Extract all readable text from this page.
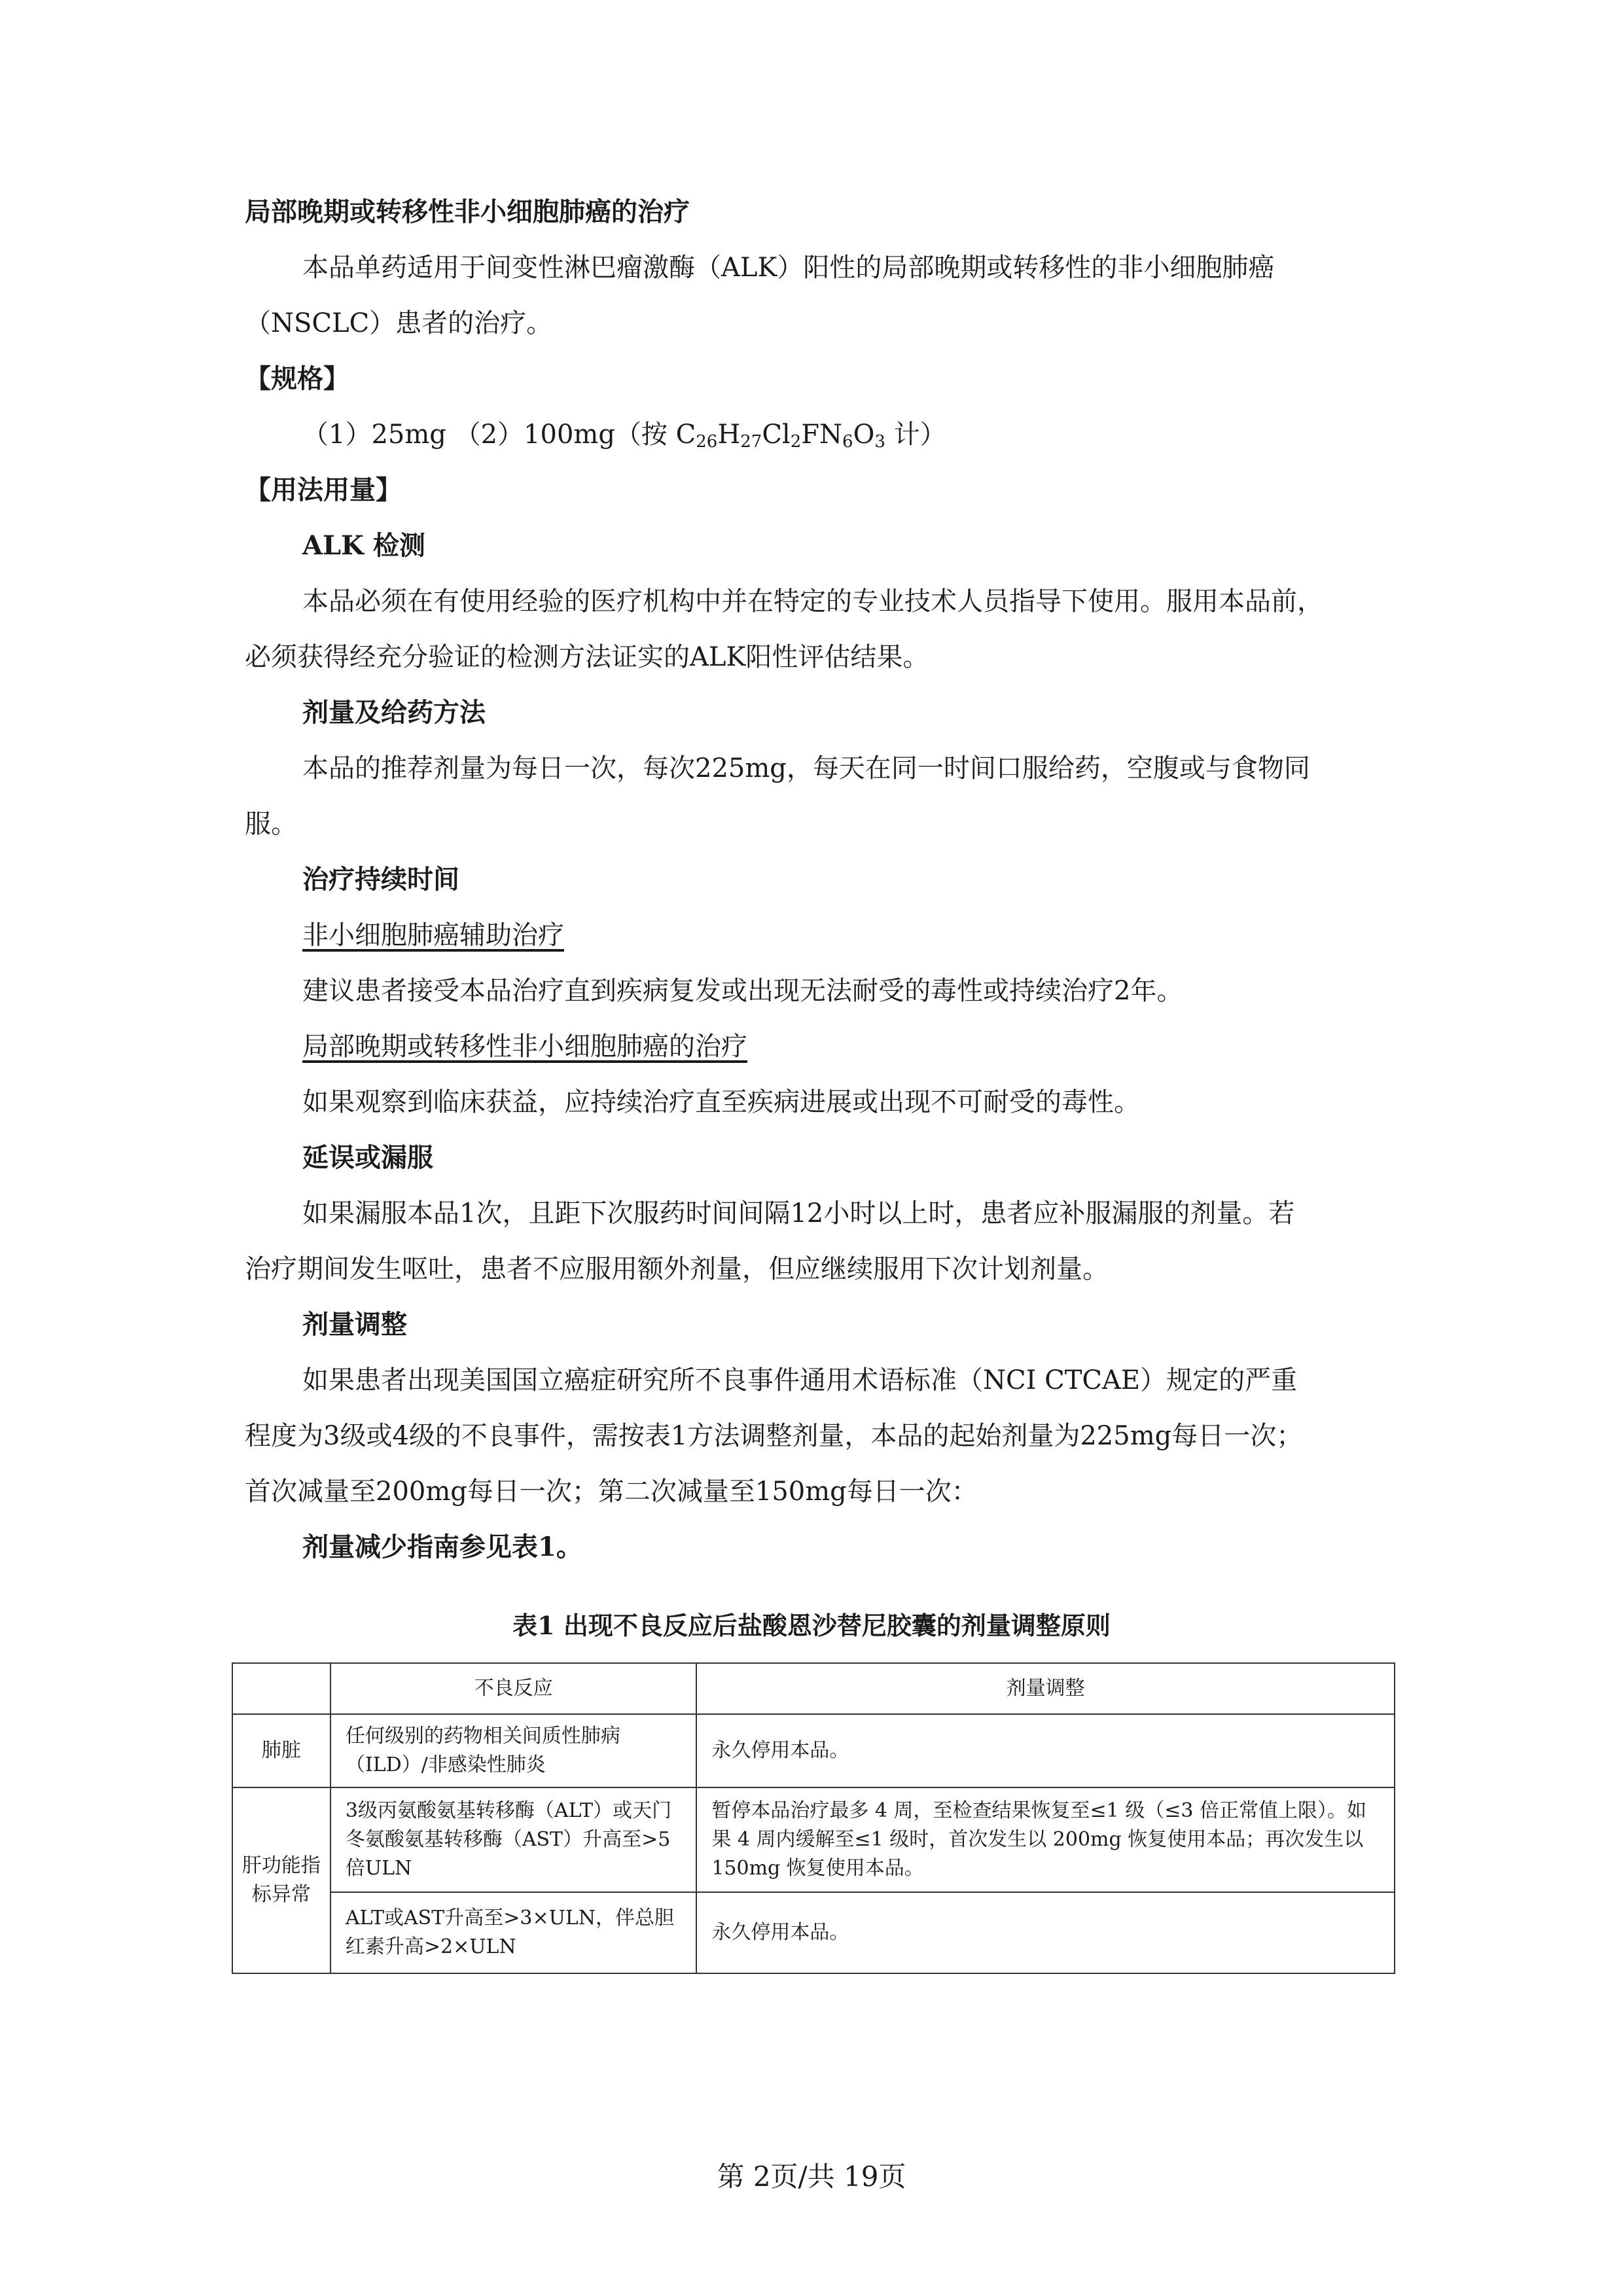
局部晚期或转移性非小细胞肺癌的治疗
本品单药适用于间变性淋巴瘤激酶（ALK）阳性的局部晚期或转移性的非小细胞肺癌
（NSCLC）患者的治疗。
【规格】
（1）25mg （2）100mg（按 $C_{26}H_{27}Cl_2FN_6O_3$ 计）
【用法用量】
ALK 检测
本品必须在有使用经验的医疗机构中并在特定的专业技术人员指导下使用。服用本品前，
必须获得经充分验证的检测方法证实的ALK阳性评估结果。
剂量及给药方法
本品的推荐剂量为每日一次，每次225mg，每天在同一时间口服给药，空腹或与食物同
服。
治疗持续时间
非小细胞肺癌辅助治疗
建议患者接受本品治疗直到疾病复发或出现无法耐受的毒性或持续治疗2年。
局部晚期或转移性非小细胞肺癌的治疗
如果观察到临床获益，应持续治疗直至疾病进展或出现不可耐受的毒性。
延误或漏服
如果漏服本品1次，且距下次服药时间间隔12小时以上时，患者应补服漏服的剂量。若
治疗期间发生呕吐，患者不应服用额外剂量，但应继续服用下次计划剂量。
剂量调整
如果患者出现美国国立癌症研究所不良事件通用术语标准（NCI CTCAE）规定的严重
程度为3级或4级的不良事件，需按表1方法调整剂量，本品的起始剂量为225mg每日一次；
首次减量至200mg每日一次；第二次减量至150mg每日一次：
剂量减少指南参见表1。
表1 出现不良反应后盐酸恩沙替尼胶囊的剂量调整原则
	不良反应	剂量调整
肺脏	任何级别的药物相关间质性肺病（ILD）/非感染性肺炎	永久停用本品。
肝功能指标异常	3级丙氨酸氨基转移酶（ALT）或天门冬氨酸氨基转移酶（AST）升高至>5倍ULN	暂停本品治疗最多 4 周，至检查结果恢复至≤1 级（≤3 倍正常值上限）。如果 4 周内缓解至≤1 级时，首次发生以 200mg 恢复使用本品；再次发生以 150mg 恢复使用本品。
	ALT或AST升高至>3×ULN，伴总胆红素升高>2×ULN	永久停用本品。
第 2页/共 19页
